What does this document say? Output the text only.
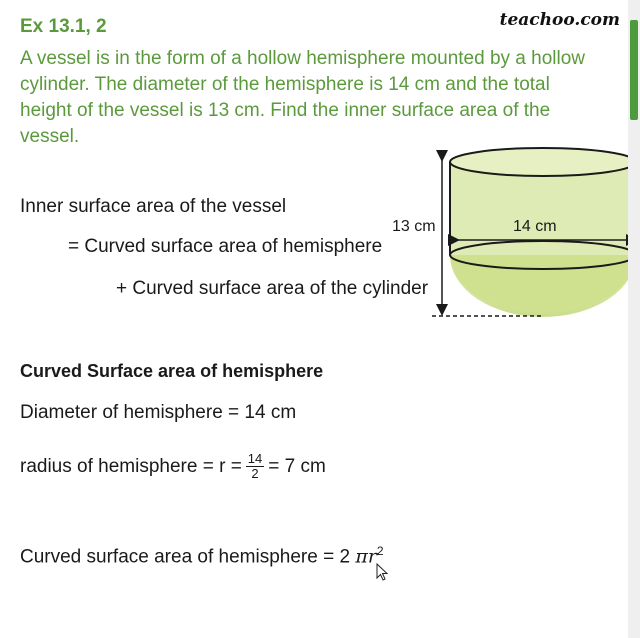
Ex 13.1, 2	teachoo.com
A vessel is in the form of a hollow hemisphere mounted by a hollow
cylinder. The diameter of the hemisphere is 14 cm and the total
height of the vessel is 13 cm. Find the inner surface area of the
vessel.
Inner surface area of the vessel
= Curved surface area of hemisphere
+ Curved surface area of the cylinder
13 cm	14 cm
Curved Surface area of hemisphere
Diameter of hemisphere = 14 cm
radius of hemisphere = $r = \frac{14}{2} = 7$ cm
Curved surface area of hemisphere = 2 $\pi r^2$
